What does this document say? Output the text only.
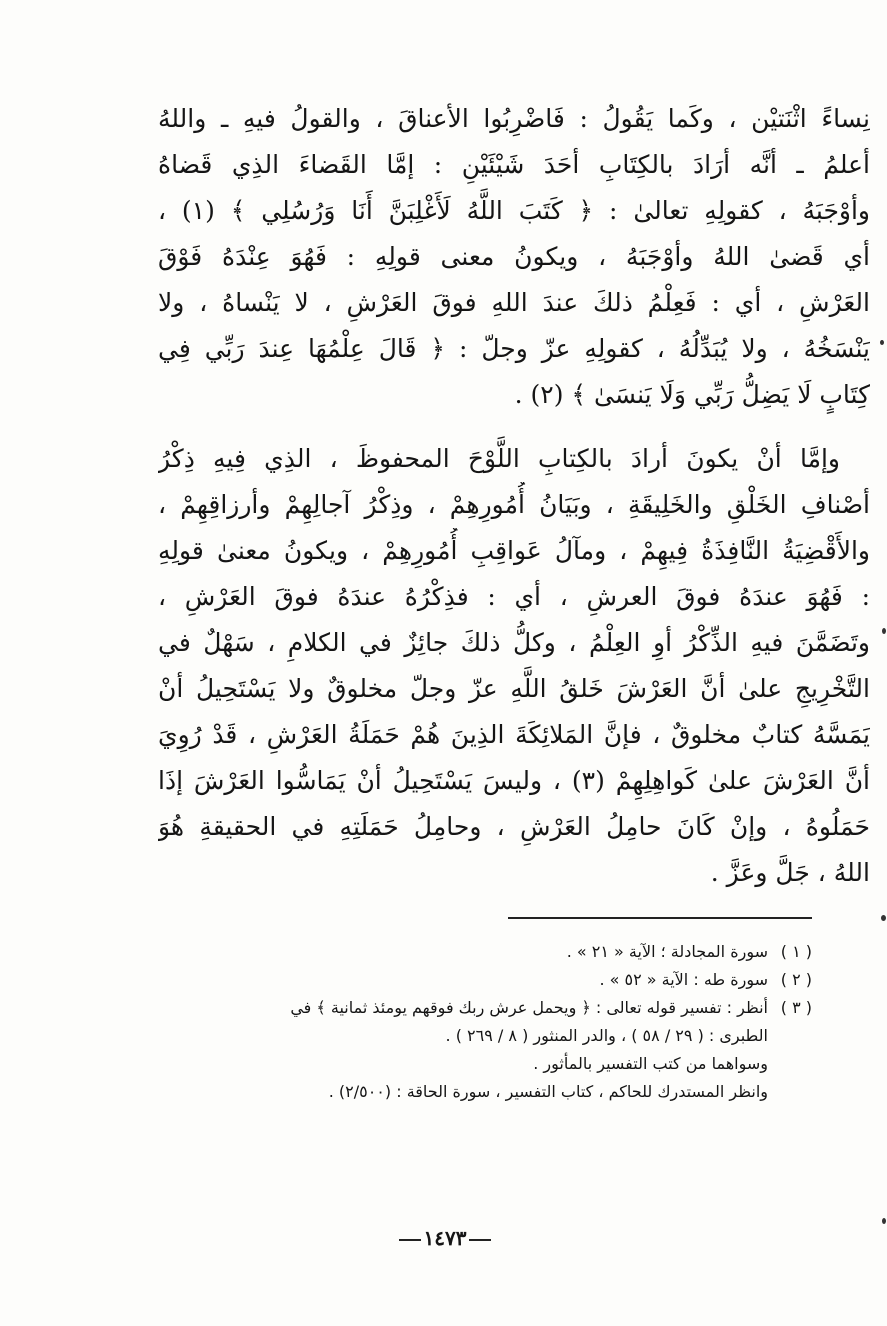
نِساءً اثْنَتيْن ، وكَما يَقُولُ : فَاضْرِبُوا الأعناقَ ، والقولُ فيهِ ـ واللهُ
أعلمُ ـ أنَّه أرَادَ بالكِتَابِ أحَدَ شَيْئَيْنِ : إمَّا القَضاءَ الذِي قَضاهُ
وأوْجَبَهُ ، كقولِهِ تعالىٰ : ﴿ كَتَبَ اللَّهُ لَأَغْلِبَنَّ أَنَا وَرُسُلِي ﴾ (١) ،
أي قَضىٰ اللهُ وأوْجَبَهُ ، ويكونُ معنى قولِهِ : فَهُوَ عِنْدَهُ فَوْقَ
العَرْشِ ، أي : فَعِلْمُ ذلكَ عندَ اللهِ فوقَ العَرْشِ ، لا يَنْساهُ ، ولا
يَنْسَخُهُ ، ولا يُبَدِّلُهُ ، كقولِهِ عزّ وجلّ : ﴿ قَالَ عِلْمُهَا عِندَ رَبِّي فِي
كِتَابٍ لَا يَضِلُّ رَبِّي وَلَا يَنسَىٰ ﴾ (٢) .
وإمَّا أنْ يكونَ أرادَ بالكِتابِ اللَّوْحَ المحفوظَ ، الذِي فِيهِ ذِكْرُ
أصْنافِ الخَلْقِ والخَلِيقَةِ ، وبَيَانُ أُمُورِهِمْ ، وذِكْرُ آجالِهِمْ وأرزاقِهِمْ ،
والأَقْضِيَةُ النَّافِذَةُ فِيهِمْ ، ومآلُ عَواقِبِ أُمُورِهِمْ ، ويكونُ معنىٰ قولِهِ
: فَهُوَ عندَهُ فوقَ العرشِ ، أي : فذِكْرُهُ عندَهُ فوقَ العَرْشِ ،
وتَضَمَّنَ فيهِ الذِّكْرُ أوِ العِلْمُ ، وكلُّ ذلكَ جائِزٌ في الكلامِ ، سَهْلٌ في
التَّخْرِيجِ علىٰ أنَّ العَرْشَ خَلقُ اللَّهِ عزّ وجلّ مخلوقٌ ولا يَسْتَحِيلُ أنْ
يَمَسَّهُ كتابٌ مخلوقٌ ، فإنَّ المَلائِكَةَ الذِينَ هُمْ حَمَلَةُ العَرْشِ ، قَدْ رُوِيَ
أنَّ العَرْشَ علىٰ كَواهِلِهِمْ (٣) ، وليسَ يَسْتَحِيلُ أنْ يَمَاسُّوا العَرْشَ إذَا
حَمَلُوهُ ، وإنْ كَانَ حامِلُ العَرْشِ ، وحامِلُ حَمَلَتِهِ في الحقيقةِ هُوَ
اللهُ ، جَلَّ وعَزَّ .
( ١ )
سورة المجادلة ؛ الآية « ٢١ » .
( ٢ )
سورة طه : الآية « ٥٢ » .
( ٣ )
أنظر : تفسير قوله تعالى : ﴿ ويحمل عرش ربك فوقهم يومئذ ثمانية ﴾ في
الطبرى : ( ٢٩ / ٥٨ ) ، والدر المنثور ( ٨ / ٢٦٩ ) .
وسواهما من كتب التفسير بالمأثور .
وانظر المستدرك للحاكم ، كتاب التفسير ، سورة الحاقة : (٢/٥٠٠) .
١٤٧٣
